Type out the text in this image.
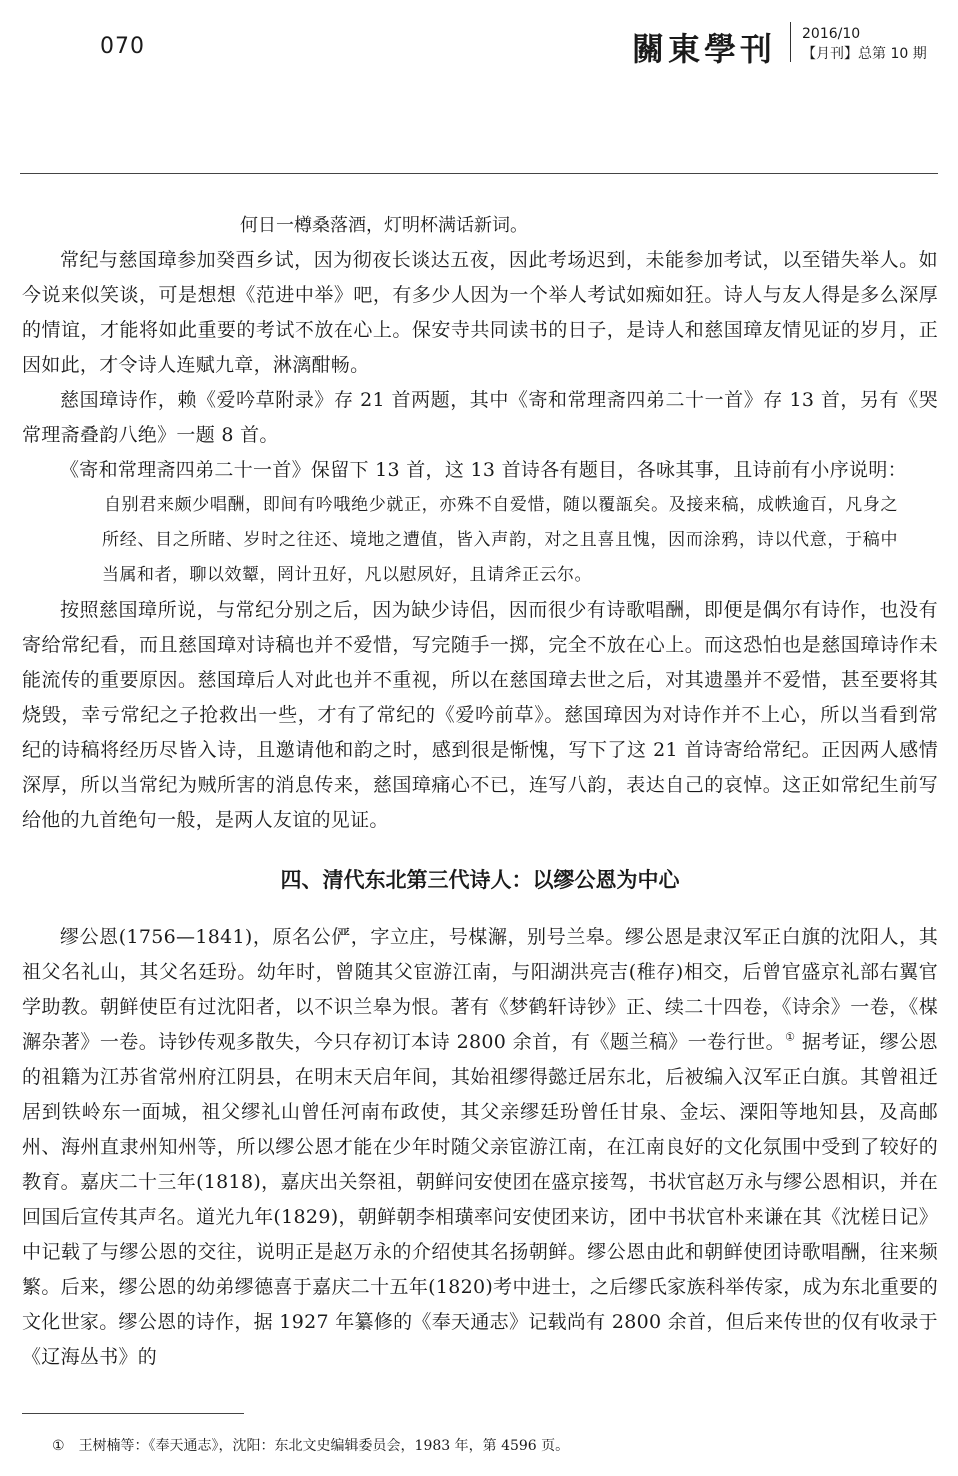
070	關東學刊 2016/10
【月刊】总第 10 期

何日一樽桑落酒，灯明杯满话新词。

常纪与慈国璋参加癸酉乡试，因为彻夜长谈达五夜，因此考场迟到，未能参加考试，以至错失举人。如今说来似笑谈，可是想想《范进中举》吧，有多少人因为一个举人考试如痴如狂。诗人与友人得是多么深厚的情谊，才能将如此重要的考试不放在心上。保安寺共同读书的日子，是诗人和慈国璋友情见证的岁月，正因如此，才令诗人连赋九章，淋漓酣畅。

慈国璋诗作，赖《爱吟草附录》存 21 首两题，其中《寄和常理斋四弟二十一首》存 13 首，另有《哭常理斋叠韵八绝》一题 8 首。

《寄和常理斋四弟二十一首》保留下 13 首，这 13 首诗各有题目，各咏其事，且诗前有小序说明：

自别君来颇少唱酬，即间有吟哦绝少就正，亦殊不自爱惜，随以覆瓿矣。及接来稿，成帙逾百，凡身之所经、目之所睹、岁时之往还、境地之遭值，皆入声韵，对之且喜且愧，因而涂鸦，诗以代意，于稿中当属和者，聊以效颦，罔计丑好，凡以慰夙好，且请斧正云尔。

按照慈国璋所说，与常纪分别之后，因为缺少诗侣，因而很少有诗歌唱酬，即便是偶尔有诗作，也没有寄给常纪看，而且慈国璋对诗稿也并不爱惜，写完随手一掷，完全不放在心上。而这恐怕也是慈国璋诗作未能流传的重要原因。慈国璋后人对此也并不重视，所以在慈国璋去世之后，对其遗墨并不爱惜，甚至要将其烧毁，幸亏常纪之子抢救出一些，才有了常纪的《爱吟前草》。慈国璋因为对诗作并不上心，所以当看到常纪的诗稿将经历尽皆入诗，且邀请他和韵之时，感到很是惭愧，写下了这 21 首诗寄给常纪。正因两人感情深厚，所以当常纪为贼所害的消息传来，慈国璋痛心不已，连写八韵，表达自己的哀悼。这正如常纪生前写给他的九首绝句一般，是两人友谊的见证。

四、清代东北第三代诗人：以缪公恩为中心

缪公恩(1756—1841)，原名公俨，字立庄，号楳澥，别号兰皋。缪公恩是隶汉军正白旗的沈阳人，其祖父名礼山，其父名廷玢。幼年时，曾随其父宦游江南，与阳湖洪亮吉(稚存)相交，后曾官盛京礼部右翼官学助教。朝鲜使臣有过沈阳者，以不识兰皋为恨。著有《梦鹤轩诗钞》正、续二十四卷，《诗余》一卷，《楳澥杂著》一卷。诗钞传观多散失，今只存初订本诗 2800 余首，有《题兰稿》一卷行世。① 据考证，缪公恩的祖籍为江苏省常州府江阴县，在明末天启年间，其始祖缪得懿迁居东北，后被编入汉军正白旗。其曾祖迁居到铁岭东一面城，祖父缪礼山曾任河南布政使，其父亲缪廷玢曾任甘泉、金坛、溧阳等地知县，及高邮州、海州直隶州知州等，所以缪公恩才能在少年时随父亲宦游江南，在江南良好的文化氛围中受到了较好的教育。嘉庆二十三年(1818)，嘉庆出关祭祖，朝鲜问安使团在盛京接驾，书状官赵万永与缪公恩相识，并在回国后宣传其声名。道光九年(1829)，朝鲜朝李相璜率问安使团来访，团中书状官朴来谦在其《沈槎日记》中记载了与缪公恩的交往，说明正是赵万永的介绍使其名扬朝鲜。缪公恩由此和朝鲜使团诗歌唱酬，往来频繁。后来，缪公恩的幼弟缪德喜于嘉庆二十五年(1820)考中进士，之后缪氏家族科举传家，成为东北重要的文化世家。缪公恩的诗作，据 1927 年纂修的《奉天通志》记载尚有 2800 余首，但后来传世的仅有收录于《辽海丛书》的

① 王树楠等：《奉天通志》，沈阳：东北文史编辑委员会，1983 年，第 4596 页。
